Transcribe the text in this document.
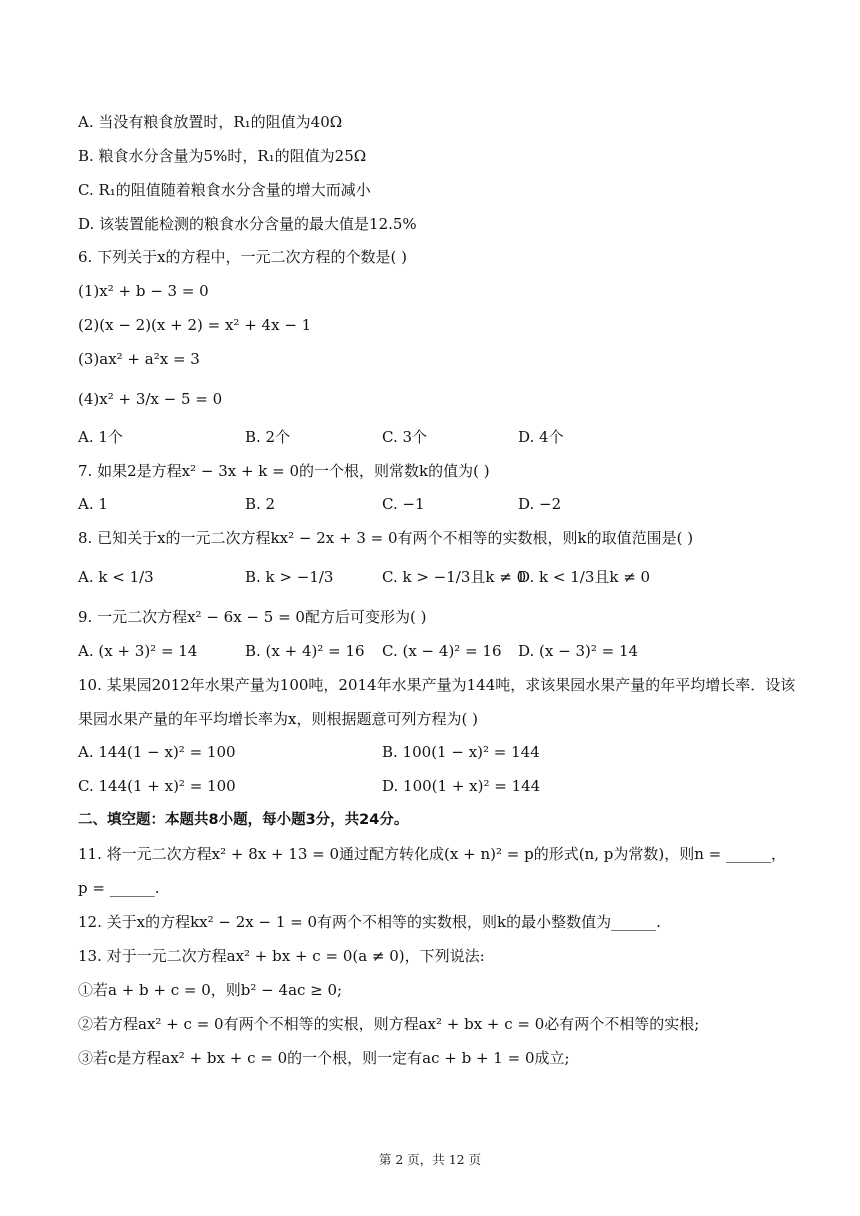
A. 当没有粮食放置时，R₁的阻值为40Ω
B. 粮食水分含量为5%时，R₁的阻值为25Ω
C. R₁的阻值随着粮食水分含量的增大而减小
D. 该装置能检测的粮食水分含量的最大值是12.5%
6. 下列关于x的方程中，一元二次方程的个数是( )
(1)x² + b − 3 = 0
(2)(x − 2)(x + 2) = x² + 4x − 1
(3)ax² + a²x = 3
(4)x² + 3/x − 5 = 0
A. 1个	B. 2个	C. 3个	D. 4个
7. 如果2是方程x² − 3x + k = 0的一个根，则常数k的值为( )
A. 1	B. 2	C. −1	D. −2
8. 已知关于x的一元二次方程kx² − 2x + 3 = 0有两个不相等的实数根，则k的取值范围是( )
A. k < 1/3	B. k > −1/3	C. k > −1/3且k ≠ 0
D. k < 1/3且k ≠ 0
9. 一元二次方程x² − 6x − 5 = 0配方后可变形为( )
A. (x + 3)² = 14	B. (x + 4)² = 16 C. (x − 4)² = 16 D. (x − 3)² = 14
10. 某果园2012年水果产量为100吨，2014年水果产量为144吨，求该果园水果产量的年平均增长率．设该
果园水果产量的年平均增长率为x，则根据题意可列方程为( )
A. 144(1 − x)² = 100	B. 100(1 − x)² = 144
C. 144(1 + x)² = 100	D. 100(1 + x)² = 144
二、填空题：本题共8小题，每小题3分，共24分。
11. 将一元二次方程x² + 8x + 13 = 0通过配方转化成(x + n)² = p的形式(n, p为常数)，则n = ______，
p = ______.
12. 关于x的方程kx² − 2x − 1 = 0有两个不相等的实数根，则k的最小整数值为______.
13. 对于一元二次方程ax² + bx + c = 0(a ≠ 0)，下列说法:
①若a + b + c = 0，则b² − 4ac ≥ 0;
②若方程ax² + c = 0有两个不相等的实根，则方程ax² + bx + c = 0必有两个不相等的实根;
③若c是方程ax² + bx + c = 0的一个根，则一定有ac + b + 1 = 0成立;
第 2 页，共 12 页
